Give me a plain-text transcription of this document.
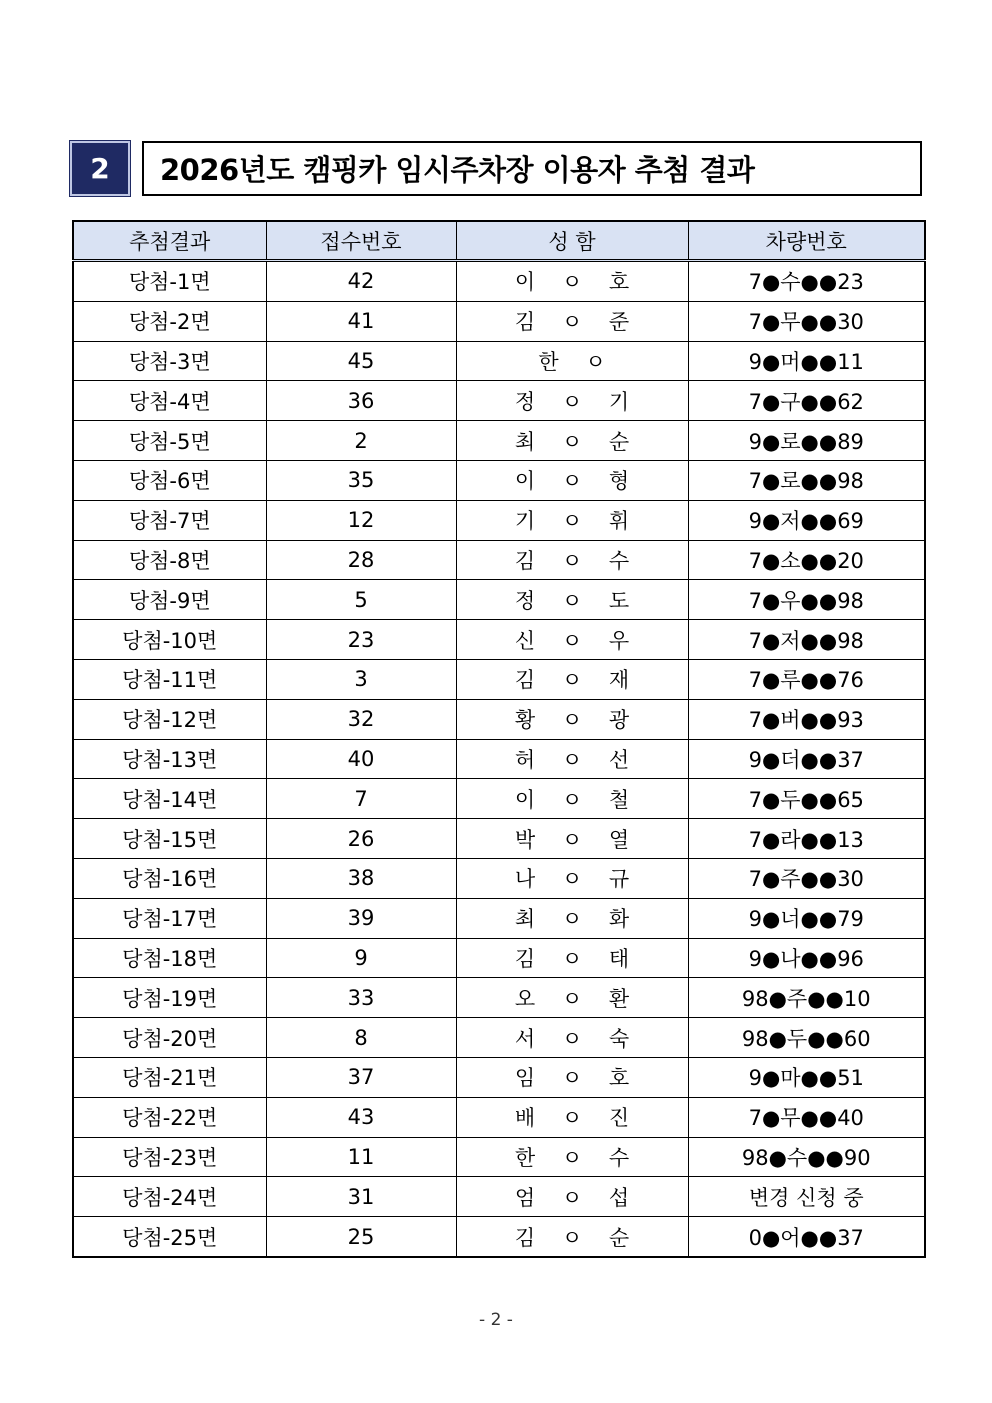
2	2026년도 캠핑카 임시주차장 이용자 추첨 결과
추첨결과	접수번호	성 함	차량번호
당첨-1면	42	이 ㅇ 호	7●수●●23
당첨-2면	41	김 ㅇ 준	7●무●●30
당첨-3면	45	한 ㅇ	9●머●●11
당첨-4면	36	정 ㅇ 기	7●구●●62
당첨-5면	2	최 ㅇ 순	9●로●●89
당첨-6면	35	이 ㅇ 형	7●로●●98
당첨-7면	12	기 ㅇ 휘	9●저●●69
당첨-8면	28	김 ㅇ 수	7●소●●20
당첨-9면	5	정 ㅇ 도	7●우●●98
당첨-10면	23	신 ㅇ 우	7●저●●98
당첨-11면	3	김 ㅇ 재	7●루●●76
당첨-12면	32	황 ㅇ 광	7●버●●93
당첨-13면	40	허 ㅇ 선	9●더●●37
당첨-14면	7	이 ㅇ 철	7●두●●65
당첨-15면	26	박 ㅇ 열	7●라●●13
당첨-16면	38	나 ㅇ 규	7●주●●30
당첨-17면	39	최 ㅇ 화	9●너●●79
당첨-18면	9	김 ㅇ 태	9●나●●96
당첨-19면	33	오 ㅇ 환	98●주●●10
당첨-20면	8	서 ㅇ 숙	98●두●●60
당첨-21면	37	임 ㅇ 호	9●마●●51
당첨-22면	43	배 ㅇ 진	7●무●●40
당첨-23면	11	한 ㅇ 수	98●수●●90
당첨-24면	31	엄 ㅇ 섭	변경 신청 중
당첨-25면	25	김 ㅇ 순	0●어●●37
- 2 -
